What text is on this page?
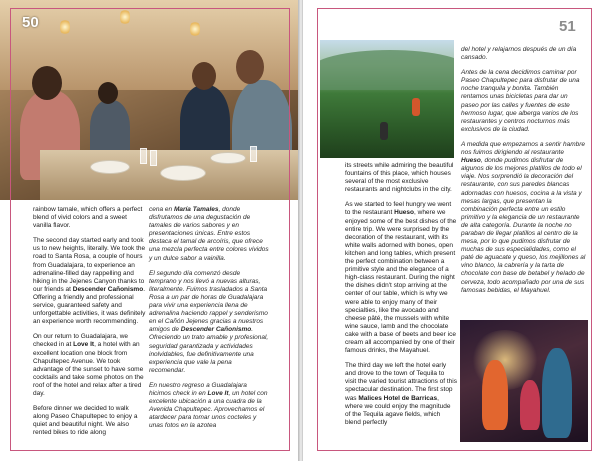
50

rainbow tamale, which offers a perfect blend of vivid colors and a sweet vanilla flavor.

The second day started early and took us to new heights, literally. We took the road to Santa Rosa, a couple of hours from Guadalajara, to experience an adrenaline-filled day rappelling and hiking in the Jejenes Canyon thanks to our friends at Descender Cañonismo. Offering a friendly and professional service, guaranteed safety and unforgettable activities, it was definitely an experience worth recommending.

On our return to Guadalajara, we checked in at Love It, a hotel with an excellent location one block from Chapultepec Avenue. We took advantage of the sunset to have some cocktails and take some photos on the roof of the hotel and relax after a tired day.

Before dinner we decided to walk along Paseo Chapultepec to enjoy a quiet and beautiful night. We also rented bikes to ride along

cena en María Tamales, donde disfrutamos de una degustación de tamales de varios sabores y en presentaciones únicas. Entre estos destaca el tamal de arcoíris, que ofrece una mezcla perfecta entre colores vividos y un dulce sabor a vainilla.

El segundo día comenzó desde temprano y nos llevó a nuevas alturas, literalmente. Fuimos trasladados a Santa Rosa a un par de horas de Guadalajara para vivir una experiencia llena de adrenalina haciendo rappel y senderismo en el Cañón Jejenes gracias a nuestros amigos de Descender Cañonismo. Ofreciendo un trato amable y profesional, seguridad garantizada y actividades inolvidables, fue definitivamente una experiencia que vale la pena recomendar.

En nuestro regreso a Guadalajara hicimos check in en Love It, un hotel con excelente ubicación a una cuadra de la Avenida Chapultepec. Aprovechamos el atardecer para tomar unos cocteles y unas fotos en la azotea

51

its streets while admiring the beautiful fountains of this place, which houses several of the most exclusive restaurants and nightclubs in the city.

As we started to feel hungry we went to the restaurant Hueso, where we enjoyed some of the best dishes of the entire trip. We were surprised by the decoration of the restaurant, with its white walls adorned with bones, open kitchen and long tables, which present the perfect combination between a primitive style and the elegance of a high-class restaurant. During the night the dishes didn't stop arriving at the center of our table, which is why we were able to enjoy many of their specialties, like the avocado and cheese pâté, the mussels with white wine sauce, lamb and the chocolate cake with a base of beets and beer ice cream all accompanied by one of their famous drinks, the Mayahuel.

The third day we left the hotel early and drove to the town of Tequila to visit the varied tourist attractions of this spectacular destination. The first stop was Malices Hotel de Barricas, where we could enjoy the magnitude of the Tequila agave fields, which blend perfectly

del hotel y relajarnos después de un día cansado.

Antes de la cena decidimos caminar por Paseo Chapultepec para disfrutar de una noche tranquila y bonita. También rentamos unas bicicletas para dar un paseo por las calles y fuentes de este hermoso lugar, que alberga varios de los restaurantes y centros nocturnos más exclusivos de la ciudad.

A medida que empezamos a sentir hambre nos fuimos dirigiendo al restaurante Hueso, donde pudimos disfrutar de algunos de los mejores platillos de todo el viaje. Nos sorprendió la decoración del restaurante, con sus paredes blancas adornadas con huesos, cocina a la vista y mesas largas, que presentan la combinación perfecta entre un estilo primitivo y la elegancia de un restaurante de alta categoría. Durante la noche no paraban de llegar platillos al centro de la mesa, por lo que pudimos disfrutar de muchas de sus especialidades, como el paté de aguacate y queso, los mejillones al vino blanco, la cabrería y la tarta de chocolate con base de betabel y helado de cerveza, todo acompañado por una de sus famosas bebidas, el Mayahuel.
